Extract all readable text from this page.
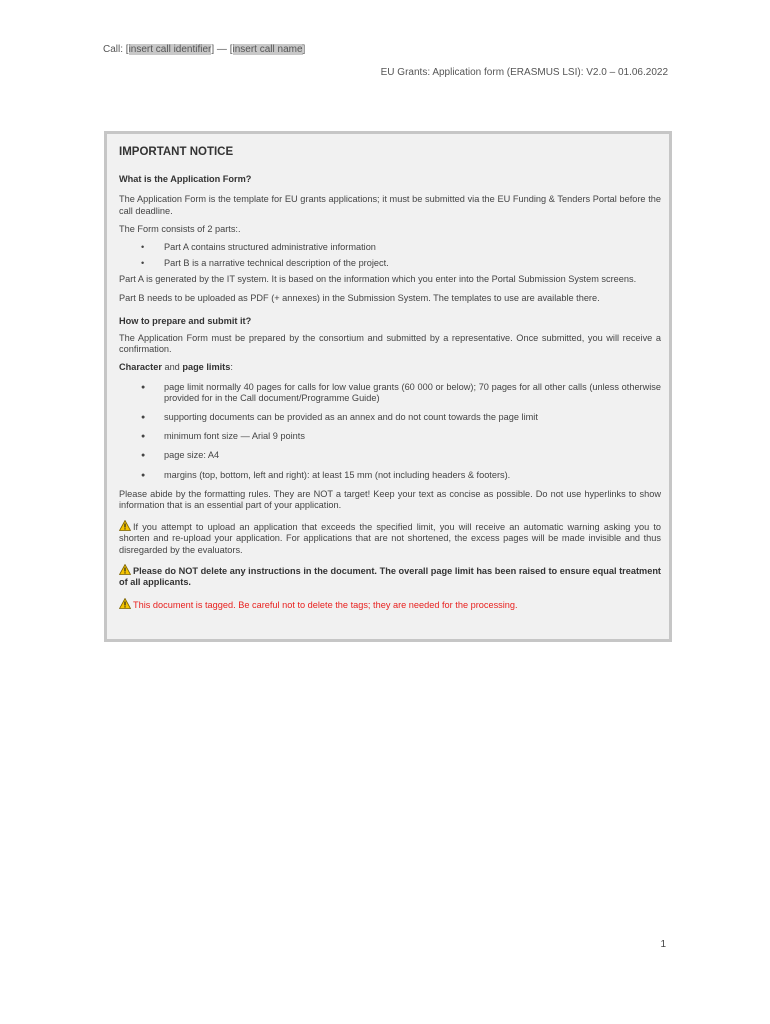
Call: [insert call identifier] — [insert call name]
EU Grants: Application form (ERASMUS LSI): V2.0 – 01.06.2022
IMPORTANT NOTICE
What is the Application Form?

The Application Form is the template for EU grants applications; it must be submitted via the EU Funding & Tenders Portal before the call deadline.

The Form consists of 2 parts:.

• Part A contains structured administrative information
• Part B is a narrative technical description of the project.

Part A is generated by the IT system. It is based on the information which you enter into the Portal Submission System screens.

Part B needs to be uploaded as PDF (+ annexes) in the Submission System. The templates to use are available there.

How to prepare and submit it?

The Application Form must be prepared by the consortium and submitted by a representative. Once submitted, you will receive a confirmation.

Character and page limits:

● page limit normally 40 pages for calls for low value grants (60 000 or below); 70 pages for all other calls (unless otherwise provided for in the Call document/Programme Guide)
● supporting documents can be provided as an annex and do not count towards the page limit
● minimum font size — Arial 9 points
● page size: A4
● margins (top, bottom, left and right): at least 15 mm (not including headers & footers).

Please abide by the formatting rules. They are NOT a target! Keep your text as concise as possible. Do not use hyperlinks to show information that is an essential part of your application.

If you attempt to upload an application that exceeds the specified limit, you will receive an automatic warning asking you to shorten and re-upload your application. For applications that are not shortened, the excess pages will be made invisible and thus disregarded by the evaluators.

Please do NOT delete any instructions in the document. The overall page limit has been raised to ensure equal treatment of all applicants.

This document is tagged. Be careful not to delete the tags; they are needed for the processing.

1
